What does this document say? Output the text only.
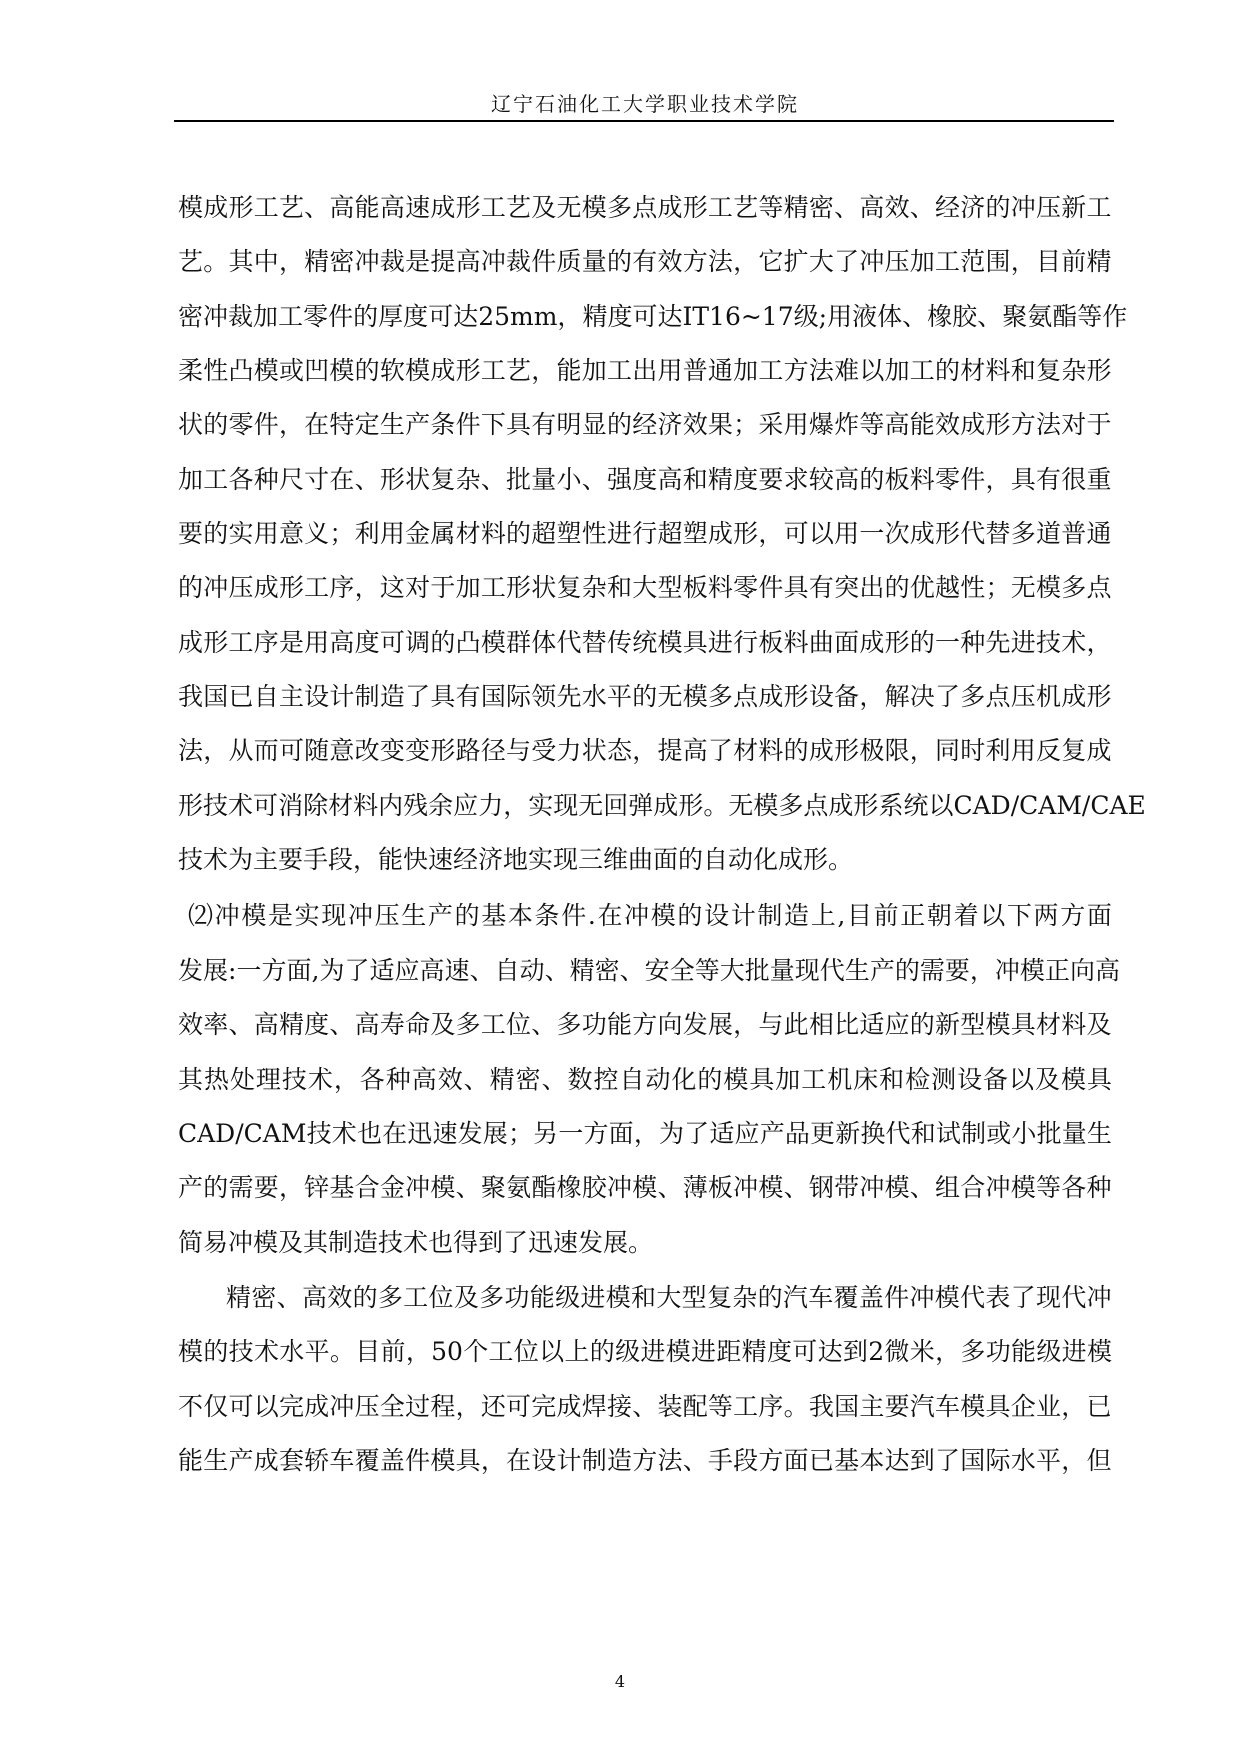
辽宁石油化工大学职业技术学院
模 成 形 工 艺 、 高 能 高 速 成 形 工 艺 及 无 模 多 点 成 形 工 艺 等 精 密 、 高 效 、 经 济 的 冲 压 新 工
艺 。 其 中 ， 精 密 冲 裁 是 提 高 冲 裁 件 质 量 的 有 效 方 法 ， 它 扩 大 了 冲 压 加 工 范 围 ， 目 前 精
密 冲 裁 加 工 零 件 的 厚 度 可 达 25mm ， 精 度 可 达 IT16~17 级 ; 用 液 体 、 橡 胶 、 聚 氨 酯 等 作
柔 性 凸 模 或 凹 模 的 软 模 成 形 工 艺 ， 能 加 工 出 用 普 通 加 工 方 法 难 以 加 工 的 材 料 和 复 杂 形
状 的 零 件 ， 在 特 定 生 产 条 件 下 具 有 明 显 的 经 济 效 果 ； 采 用 爆 炸 等 高 能 效 成 形 方 法 对 于
加 工 各 种 尺 寸 在 、 形 状 复 杂 、 批 量 小 、 强 度 高 和 精 度 要 求 较 高 的 板 料 零 件 ， 具 有 很 重
要 的 实 用 意 义 ； 利 用 金 属 材 料 的 超 塑 性 进 行 超 塑 成 形 ， 可 以 用 一 次 成 形 代 替 多 道 普 通
的 冲 压 成 形 工 序 ， 这 对 于 加 工 形 状 复 杂 和 大 型 板 料 零 件 具 有 突 出 的 优 越 性 ； 无 模 多 点
成 形 工 序 是 用 高 度 可 调 的 凸 模 群 体 代 替 传 统 模 具 进 行 板 料 曲 面 成 形 的 一 种 先 进 技 术 ，
我 国 已 自 主 设 计 制 造 了 具 有 国 际 领 先 水 平 的 无 模 多 点 成 形 设 备 ， 解 决 了 多 点 压 机 成 形
法 ， 从 而 可 随 意 改 变 变 形 路 径 与 受 力 状 态 ， 提 高 了 材 料 的 成 形 极 限 ， 同 时 利 用 反 复 成
形 技 术 可 消 除 材 料 内 残 余 应 力 ， 实 现 无 回 弹 成 形 。 无 模 多 点 成 形 系 统 以 CAD/CAM/CAE
技术为主要手段，能快速经济地实现三维曲面的自动化成形。
⑵ 冲 模 是 实 现 冲 压 生 产 的 基 本 条 件 . 在 冲 模 的 设 计 制 造 上 , 目 前 正 朝 着 以 下 两 方 面
发 展 : 一 方 面 , 为 了 适 应 高 速 、 自 动 、 精 密 、 安 全 等 大 批 量 现 代 生 产 的 需 要 ， 冲 模 正 向 高
效 率 、 高 精 度 、 高 寿 命 及 多 工 位 、 多 功 能 方 向 发 展 ， 与 此 相 比 适 应 的 新 型 模 具 材 料 及
其 热 处 理 技 术 ， 各 种 高 效 、 精 密 、 数 控 自 动 化 的 模 具 加 工 机 床 和 检 测 设 备 以 及 模 具
CAD/CAM 技 术 也 在 迅 速 发 展 ； 另 一 方 面 ， 为 了 适 应 产 品 更 新 换 代 和 试 制 或 小 批 量 生
产 的 需 要 ， 锌 基 合 金 冲 模 、 聚 氨 酯 橡 胶 冲 模 、 薄 板 冲 模 、 钢 带 冲 模 、 组 合 冲 模 等 各 种
简易冲模及其制造技术也得到了迅速发展。
精 密 、 高 效 的 多 工 位 及 多 功 能 级 进 模 和 大 型 复 杂 的 汽 车 覆 盖 件 冲 模 代 表 了 现 代 冲
模 的 技 术 水 平 。 目 前 ， 50 个 工 位 以 上 的 级 进 模 进 距 精 度 可 达 到 2 微 米 ， 多 功 能 级 进 模
不 仅 可 以 完 成 冲 压 全 过 程 ， 还 可 完 成 焊 接 、 装 配 等 工 序 。 我 国 主 要 汽 车 模 具 企 业 ， 已
能 生 产 成 套 轿 车 覆 盖 件 模 具 ， 在 设 计 制 造 方 法 、 手 段 方 面 已 基 本 达 到 了 国 际 水 平 ， 但
4
